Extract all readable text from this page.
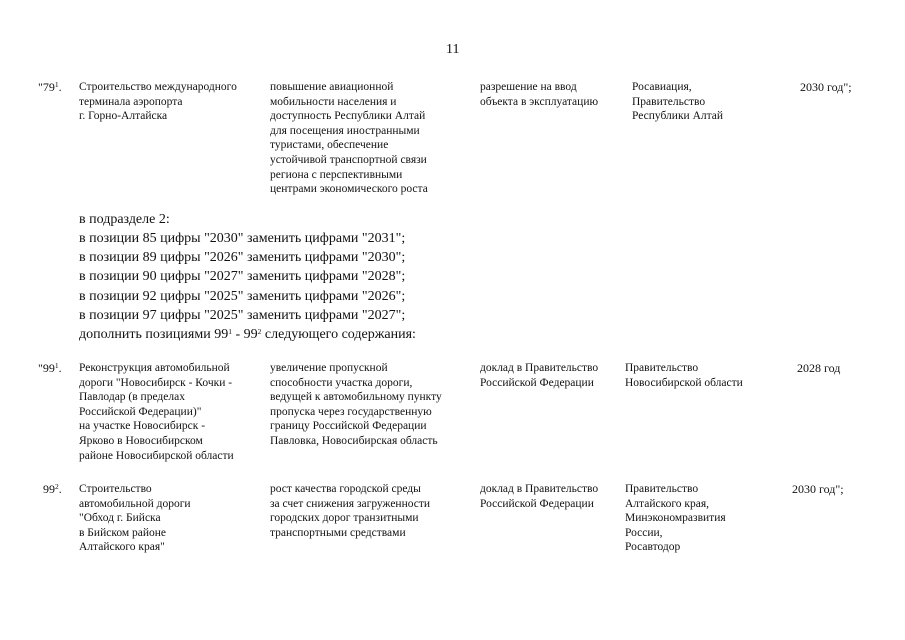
11
"$79^1$. Строительство международного
терминала аэропорта
г. Горно-Алтайска
повышение авиационной
мобильности населения и
доступность Республики Алтай
для посещения иностранными
туристами, обеспечение
устойчивой транспортной связи
региона с перспективными
центрами экономического роста
разрешение на ввод
объекта в эксплуатацию
Росавиация,
Правительство
Республики Алтай
2030 год";
в подразделе 2:
в позиции 85 цифры "2030" заменить цифрами "2031";
в позиции 89 цифры "2026" заменить цифрами "2030";
в позиции 90 цифры "2027" заменить цифрами "2028";
в позиции 92 цифры "2025" заменить цифрами "2026";
в позиции 97 цифры "2025" заменить цифрами "2027";
дополнить позициями $99^1 - 99^2$ следующего содержания:
"$99^1$. Реконструкция автомобильной
дороги "Новосибирск - Кочки -
Павлодар (в пределах
Российской Федерации)"
на участке Новосибирск -
Ярково в Новосибирском
районе Новосибирской области
увеличение пропускной
способности участка дороги,
ведущей к автомобильному пункту
пропуска через государственную
границу Российской Федерации
Павловка, Новосибирская область
доклад в Правительство
Российской Федерации
Правительство
Новосибирской области
2028 год
$99^2$. Строительство
автомобильной дороги
"Обход г. Бийска
в Бийском районе
Алтайского края"
рост качества городской среды
за счет снижения загруженности
городских дорог транзитными
транспортными средствами
доклад в Правительство
Российской Федерации
Правительство
Алтайского края,
Минэкономразвития
России,
Росавтодор
2030 год";
